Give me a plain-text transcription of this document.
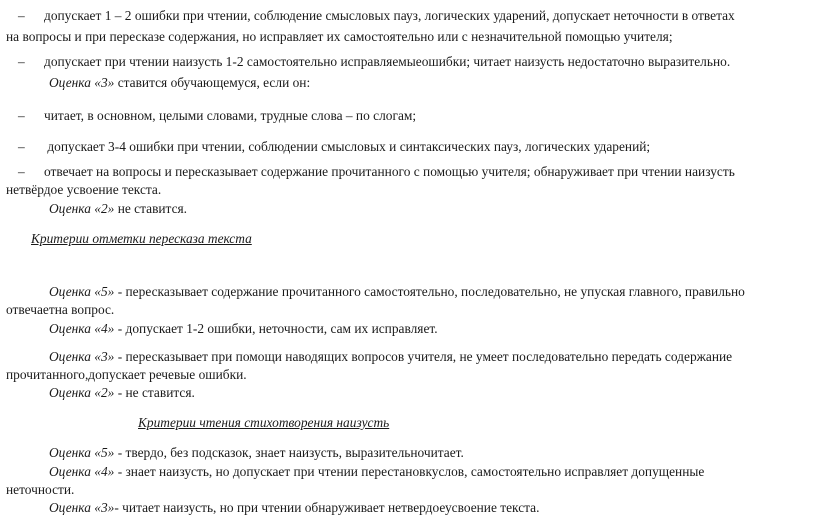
– допускает 1 – 2 ошибки при чтении, соблюдение смысловых пауз, логических ударений, допускает неточности в ответах
на вопросы и при пересказе содержания, но исправляет их самостоятельно или с незначительной помощью учителя;
– допускает при чтении наизусть 1-2 самостоятельно исправляемыеошибки; читает наизусть недостаточно выразительно.
Оценка «3» ставится обучающемуся, если он:
– читает, в основном, целыми словами, трудные слова – по слогам;
– допускает 3-4 ошибки при чтении, соблюдении смысловых и синтаксических пауз, логических ударений;
– отвечает на вопросы и пересказывает содержание прочитанного с помощью учителя; обнаруживает при чтении наизусть
нетвёрдое усвоение текста.
Оценка «2» не ставится.
Критерии отметки пересказа текста
Оценка «5» - пересказывает содержание прочитанного самостоятельно, последовательно, не упуская главного, правильно
отвечаетна вопрос.
Оценка «4» - допускает 1-2 ошибки, неточности, сам их исправляет.
Оценка «3» - пересказывает при помощи наводящих вопросов учителя, не умеет последовательно передать содержание
прочитанного,допускает речевые ошибки.
Оценка «2» - не ставится.
Критерии чтения стихотворения наизусть
Оценка «5» - твердо, без подсказок, знает наизусть, выразительночитает.
Оценка «4» - знает наизусть, но допускает при чтении перестановкуслов, самостоятельно исправляет допущенные
неточности.
Оценка «3»- читает наизусть, но при чтении обнаруживает нетвердоеусвоение текста.
